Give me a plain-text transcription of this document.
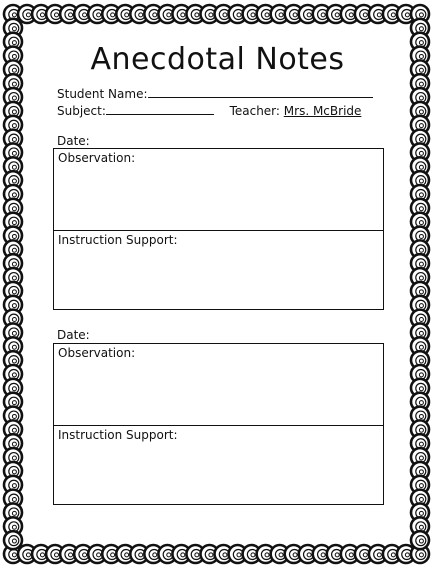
Anecdotal Notes
Student Name:
Subject:	Teacher: Mrs. McBride
Date:
Observation:
Instruction Support:
Date:
Observation:
Instruction Support:
